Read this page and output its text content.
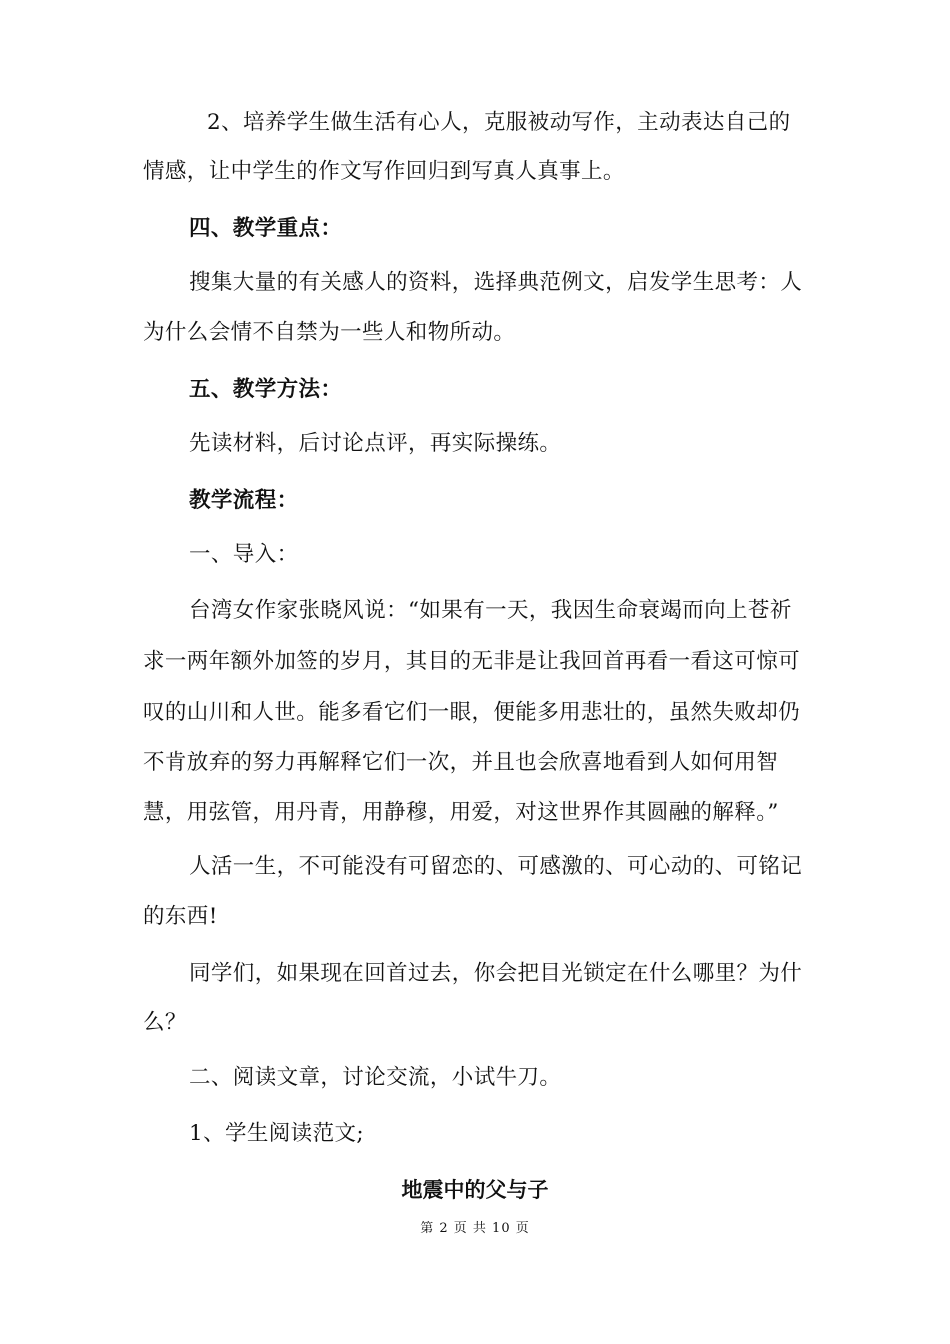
2、培养学生做生活有心人，克服被动写作，主动表达自己的
情感，让中学生的作文写作回归到写真人真事上。
四、教学重点：
搜集大量的有关感人的资料，选择典范例文，启发学生思考：人
为什么会情不自禁为一些人和物所动。
五、教学方法：
先读材料，后讨论点评，再实际操练。
教学流程：
一、导入：
台湾女作家张晓风说：“如果有一天，我因生命衰竭而向上苍祈
求一两年额外加签的岁月，其目的无非是让我回首再看一看这可惊可
叹的山川和人世。能多看它们一眼，便能多用悲壮的，虽然失败却仍
不肯放弃的努力再解释它们一次，并且也会欣喜地看到人如何用智
慧，用弦管，用丹青，用静穆，用爱，对这世界作其圆融的解释。”
人活一生，不可能没有可留恋的、可感激的、可心动的、可铭记
的东西!
同学们，如果现在回首过去，你会把目光锁定在什么哪里？为什
么？
二、阅读文章，讨论交流，小试牛刀。
1、学生阅读范文;
地震中的父与子
第 2 页 共 10 页
